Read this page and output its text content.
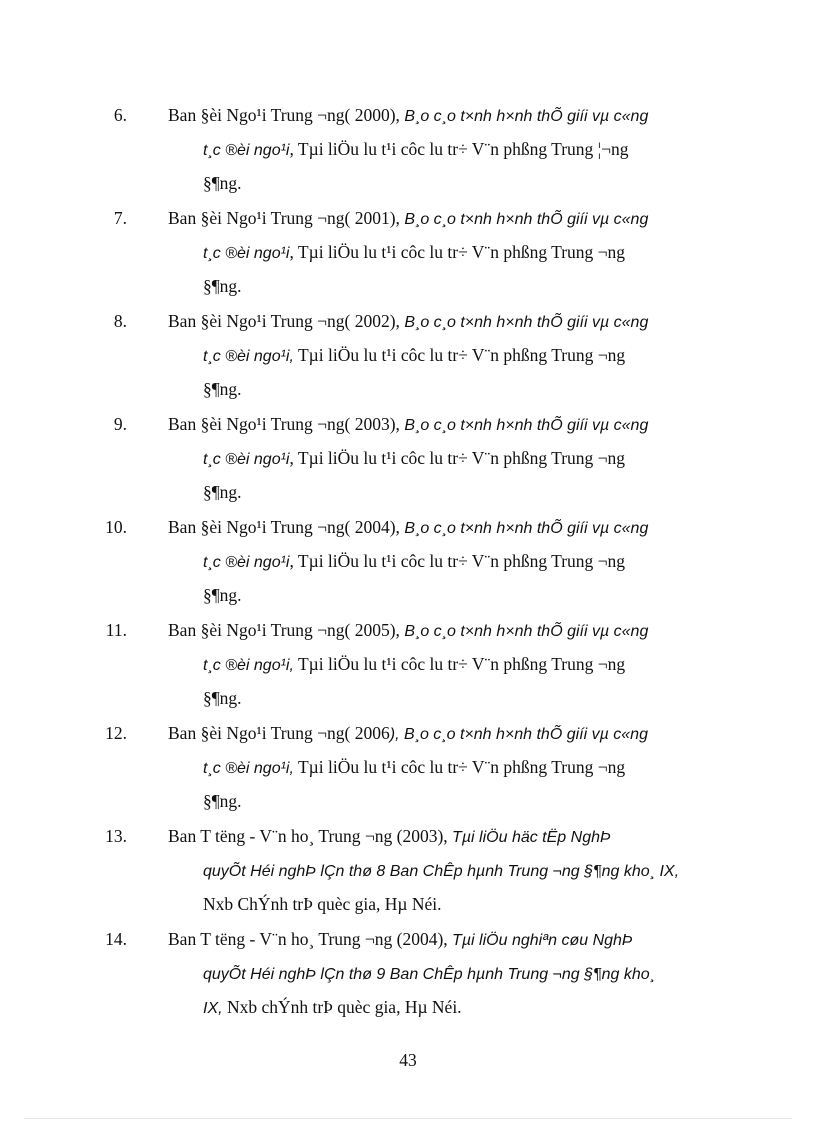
6. Ban §èi Ngo¹i Trung ¬ng( 2000), B¸o c¸o t×nh h×nh thÕ giíi vµ c«ng
t¸c ®èi ngo¹i, Tµi liÖu lu t¹i côc lu tr÷ V¨n phßng Trung ¦¬ng
§¶ng.
7. Ban §èi Ngo¹i Trung ¬ng( 2001), B¸o c¸o t×nh h×nh thÕ giíi vµ c«ng
t¸c ®èi ngo¹i, Tµi liÖu lu t¹i côc lu tr÷ V¨n phßng Trung ¬ng
§¶ng.
8. Ban §èi Ngo¹i Trung ¬ng( 2002), B¸o c¸o t×nh h×nh thÕ giíi vµ c«ng
t¸c ®èi ngo¹i, Tµi liÖu lu t¹i côc lu tr÷ V¨n phßng Trung ¬ng
§¶ng.
9. Ban §èi Ngo¹i Trung ¬ng( 2003), B¸o c¸o t×nh h×nh thÕ giíi vµ c«ng
t¸c ®èi ngo¹i, Tµi liÖu lu t¹i côc lu tr÷ V¨n phßng Trung ¬ng
§¶ng.
10. Ban §èi Ngo¹i Trung ¬ng( 2004), B¸o c¸o t×nh h×nh thÕ giíi vµ c«ng
t¸c ®èi ngo¹i, Tµi liÖu lu t¹i côc lu tr÷ V¨n phßng Trung ¬ng
§¶ng.
11. Ban §èi Ngo¹i Trung ¬ng( 2005), B¸o c¸o t×nh h×nh thÕ giíi vµ c«ng
t¸c ®èi ngo¹i, Tµi liÖu lu t¹i côc lu tr÷ V¨n phßng Trung ¬ng
§¶ng.
12. Ban §èi Ngo¹i Trung ¬ng( 2006), B¸o c¸o t×nh h×nh thÕ giíi vµ c«ng
t¸c ®èi ngo¹i, Tµi liÖu lu t¹i côc lu tr÷ V¨n phßng Trung ¬ng
§¶ng.
13. Ban T tëng - V¨n ho¸ Trung ¬ng (2003), Tµi liÖu häc tËp NghÞ
quyÕt Héi nghÞ lÇn thø 8 Ban ChÊp hµnh Trung ¬ng §¶ng kho¸ IX,
Nxb ChÝnh trÞ quèc gia, Hµ Néi.
14. Ban T tëng - V¨n ho¸ Trung ¬ng (2004), Tµi liÖu nghiªn cøu NghÞ
quyÕt Héi nghÞ lÇn thø 9 Ban ChÊp hµnh Trung ¬ng §¶ng kho¸
IX, Nxb chÝnh trÞ quèc gia, Hµ Néi.
43
